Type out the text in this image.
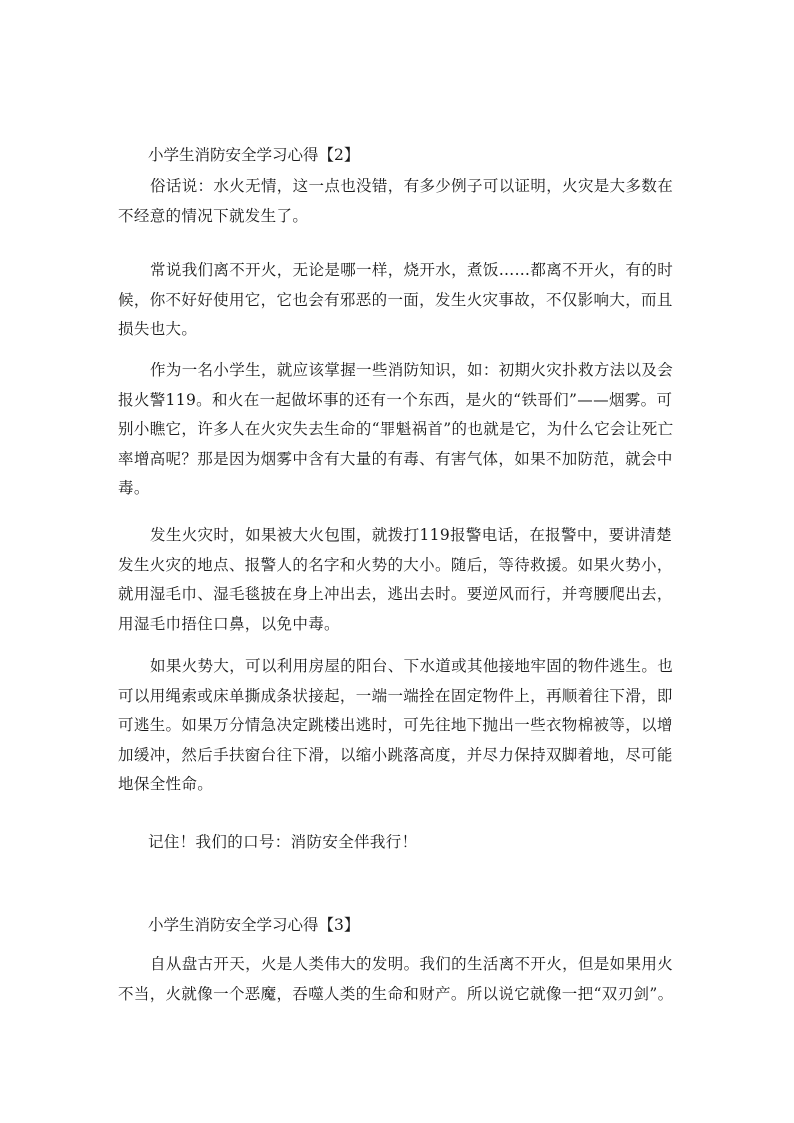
小学生消防安全学习心得【2】

俗话说：水火无情，这一点也没错，有多少例子可以证明，火灾是大多数在不经意的情况下就发生了。

常说我们离不开火，无论是哪一样，烧开水，煮饭……都离不开火，有的时候，你不好好使用它，它也会有邪恶的一面，发生火灾事故，不仅影响大，而且损失也大。

作为一名小学生，就应该掌握一些消防知识，如：初期火灾扑救方法以及会报火警119。和火在一起做坏事的还有一个东西，是火的“铁哥们”——烟雾。可别小瞧它，许多人在火灾失去生命的“罪魁祸首”的也就是它，为什么它会让死亡率增高呢？那是因为烟雾中含有大量的有毒、有害气体，如果不加防范，就会中毒。

发生火灾时，如果被大火包围，就拨打119报警电话，在报警中，要讲清楚发生火灾的地点、报警人的名字和火势的大小。随后，等待救援。如果火势小，就用湿毛巾、湿毛毯披在身上冲出去，逃出去时。要逆风而行，并弯腰爬出去，用湿毛巾捂住口鼻，以免中毒。

如果火势大，可以利用房屋的阳台、下水道或其他接地牢固的物件逃生。也可以用绳索或床单撕成条状接起，一端一端拴在固定物件上，再顺着往下滑，即可逃生。如果万分情急决定跳楼出逃时，可先往地下抛出一些衣物棉被等，以增加缓冲，然后手扶窗台往下滑，以缩小跳落高度，并尽力保持双脚着地，尽可能地保全性命。

记住！我们的口号：消防安全伴我行！
小学生消防安全学习心得【3】

自从盘古开天，火是人类伟大的发明。我们的生活离不开火，但是如果用火不当，火就像一个恶魔，吞噬人类的生命和财产。所以说它就像一把“双刃剑”。
